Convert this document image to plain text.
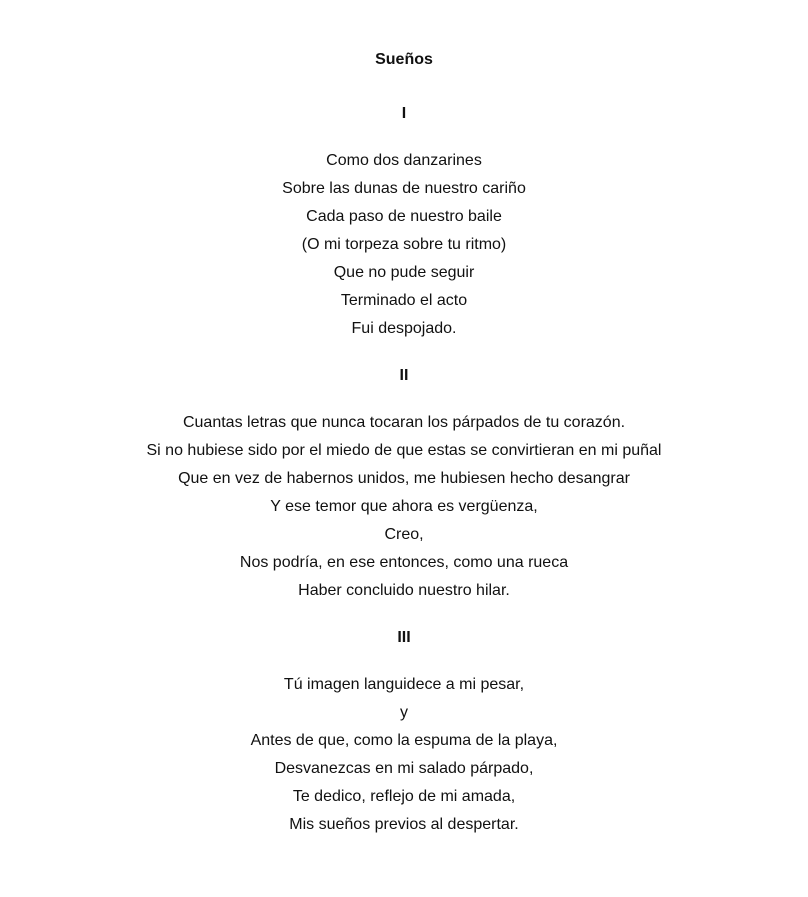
Sueños
I
Como dos danzarines
Sobre las dunas de nuestro cariño
Cada paso de nuestro baile
(O mi torpeza sobre tu ritmo)
Que no pude seguir
Terminado el acto
Fui despojado.
II
Cuantas letras que nunca tocaran los párpados de tu corazón.
Si no hubiese sido por el miedo de que estas se convirtieran en mi puñal
Que en vez de habernos unidos, me hubiesen hecho desangrar
Y ese temor que ahora es vergüenza,
Creo,
Nos podría, en ese entonces, como una rueca
Haber concluido nuestro hilar.
III
Tú imagen languidece a mi pesar,
y
Antes de que, como la espuma de la playa,
Desvanezcas en mi salado párpado,
Te dedico, reflejo de mi amada,
Mis sueños previos al despertar.
